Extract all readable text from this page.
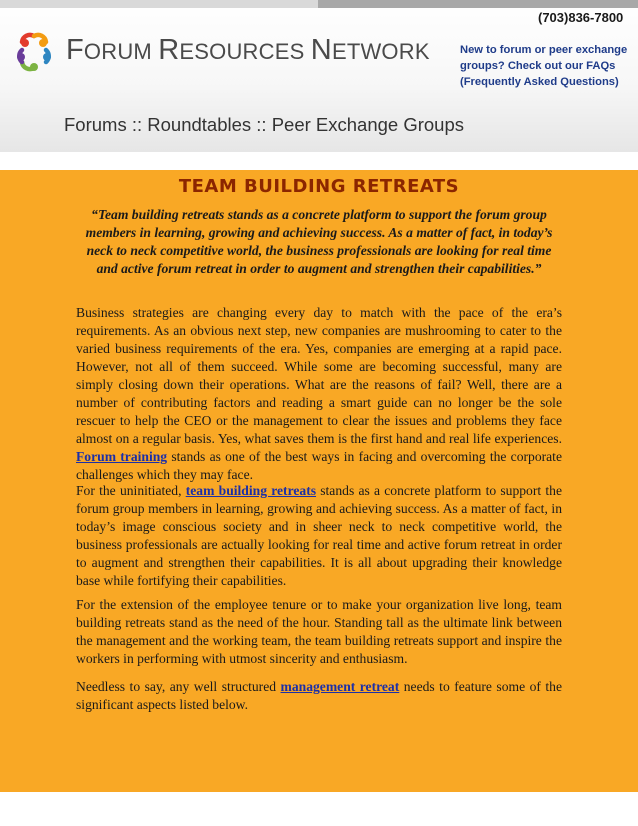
(703)836-7800
FORUM RESOURCES NETWORK	New to forum or peer exchange
groups? Check out our FAQs
(Frequently Asked Questions)
Forums :: Roundtables :: Peer Exchange Groups
TEAM BUILDING RETREATS
“Team building retreats stands as a concrete platform to support the forum group members in learning, growing and achieving success. As a matter of fact, in today’s neck to neck competitive world, the business professionals are looking for real time and active forum retreat in order to augment and strengthen their capabilities.”
Business strategies are changing every day to match with the pace of the era’s requirements. As an obvious next step, new companies are mushrooming to cater to the varied business requirements of the era. Yes, companies are emerging at a rapid pace. However, not all of them succeed. While some are becoming successful, many are simply closing down their operations. What are the reasons of fail? Well, there are a number of contributing factors and reading a smart guide can no longer be the sole rescuer to help the CEO or the management to clear the issues and problems they face almost on a regular basis. Yes, what saves them is the first hand and real life experiences. Forum training stands as one of the best ways in facing and overcoming the corporate challenges which they may face.
For the uninitiated, team building retreats stands as a concrete platform to support the forum group members in learning, growing and achieving success. As a matter of fact, in today’s image conscious society and in sheer neck to neck competitive world, the business professionals are actually looking for real time and active forum retreat in order to augment and strengthen their capabilities. It is all about upgrading their knowledge base while fortifying their capabilities.
For the extension of the employee tenure or to make your organization live long, team building retreats stand as the need of the hour. Standing tall as the ultimate link between the management and the working team, the team building retreats support and inspire the workers in performing with utmost sincerity and enthusiasm.
Needless to say, any well structured management retreat needs to feature some of the significant aspects listed below.
